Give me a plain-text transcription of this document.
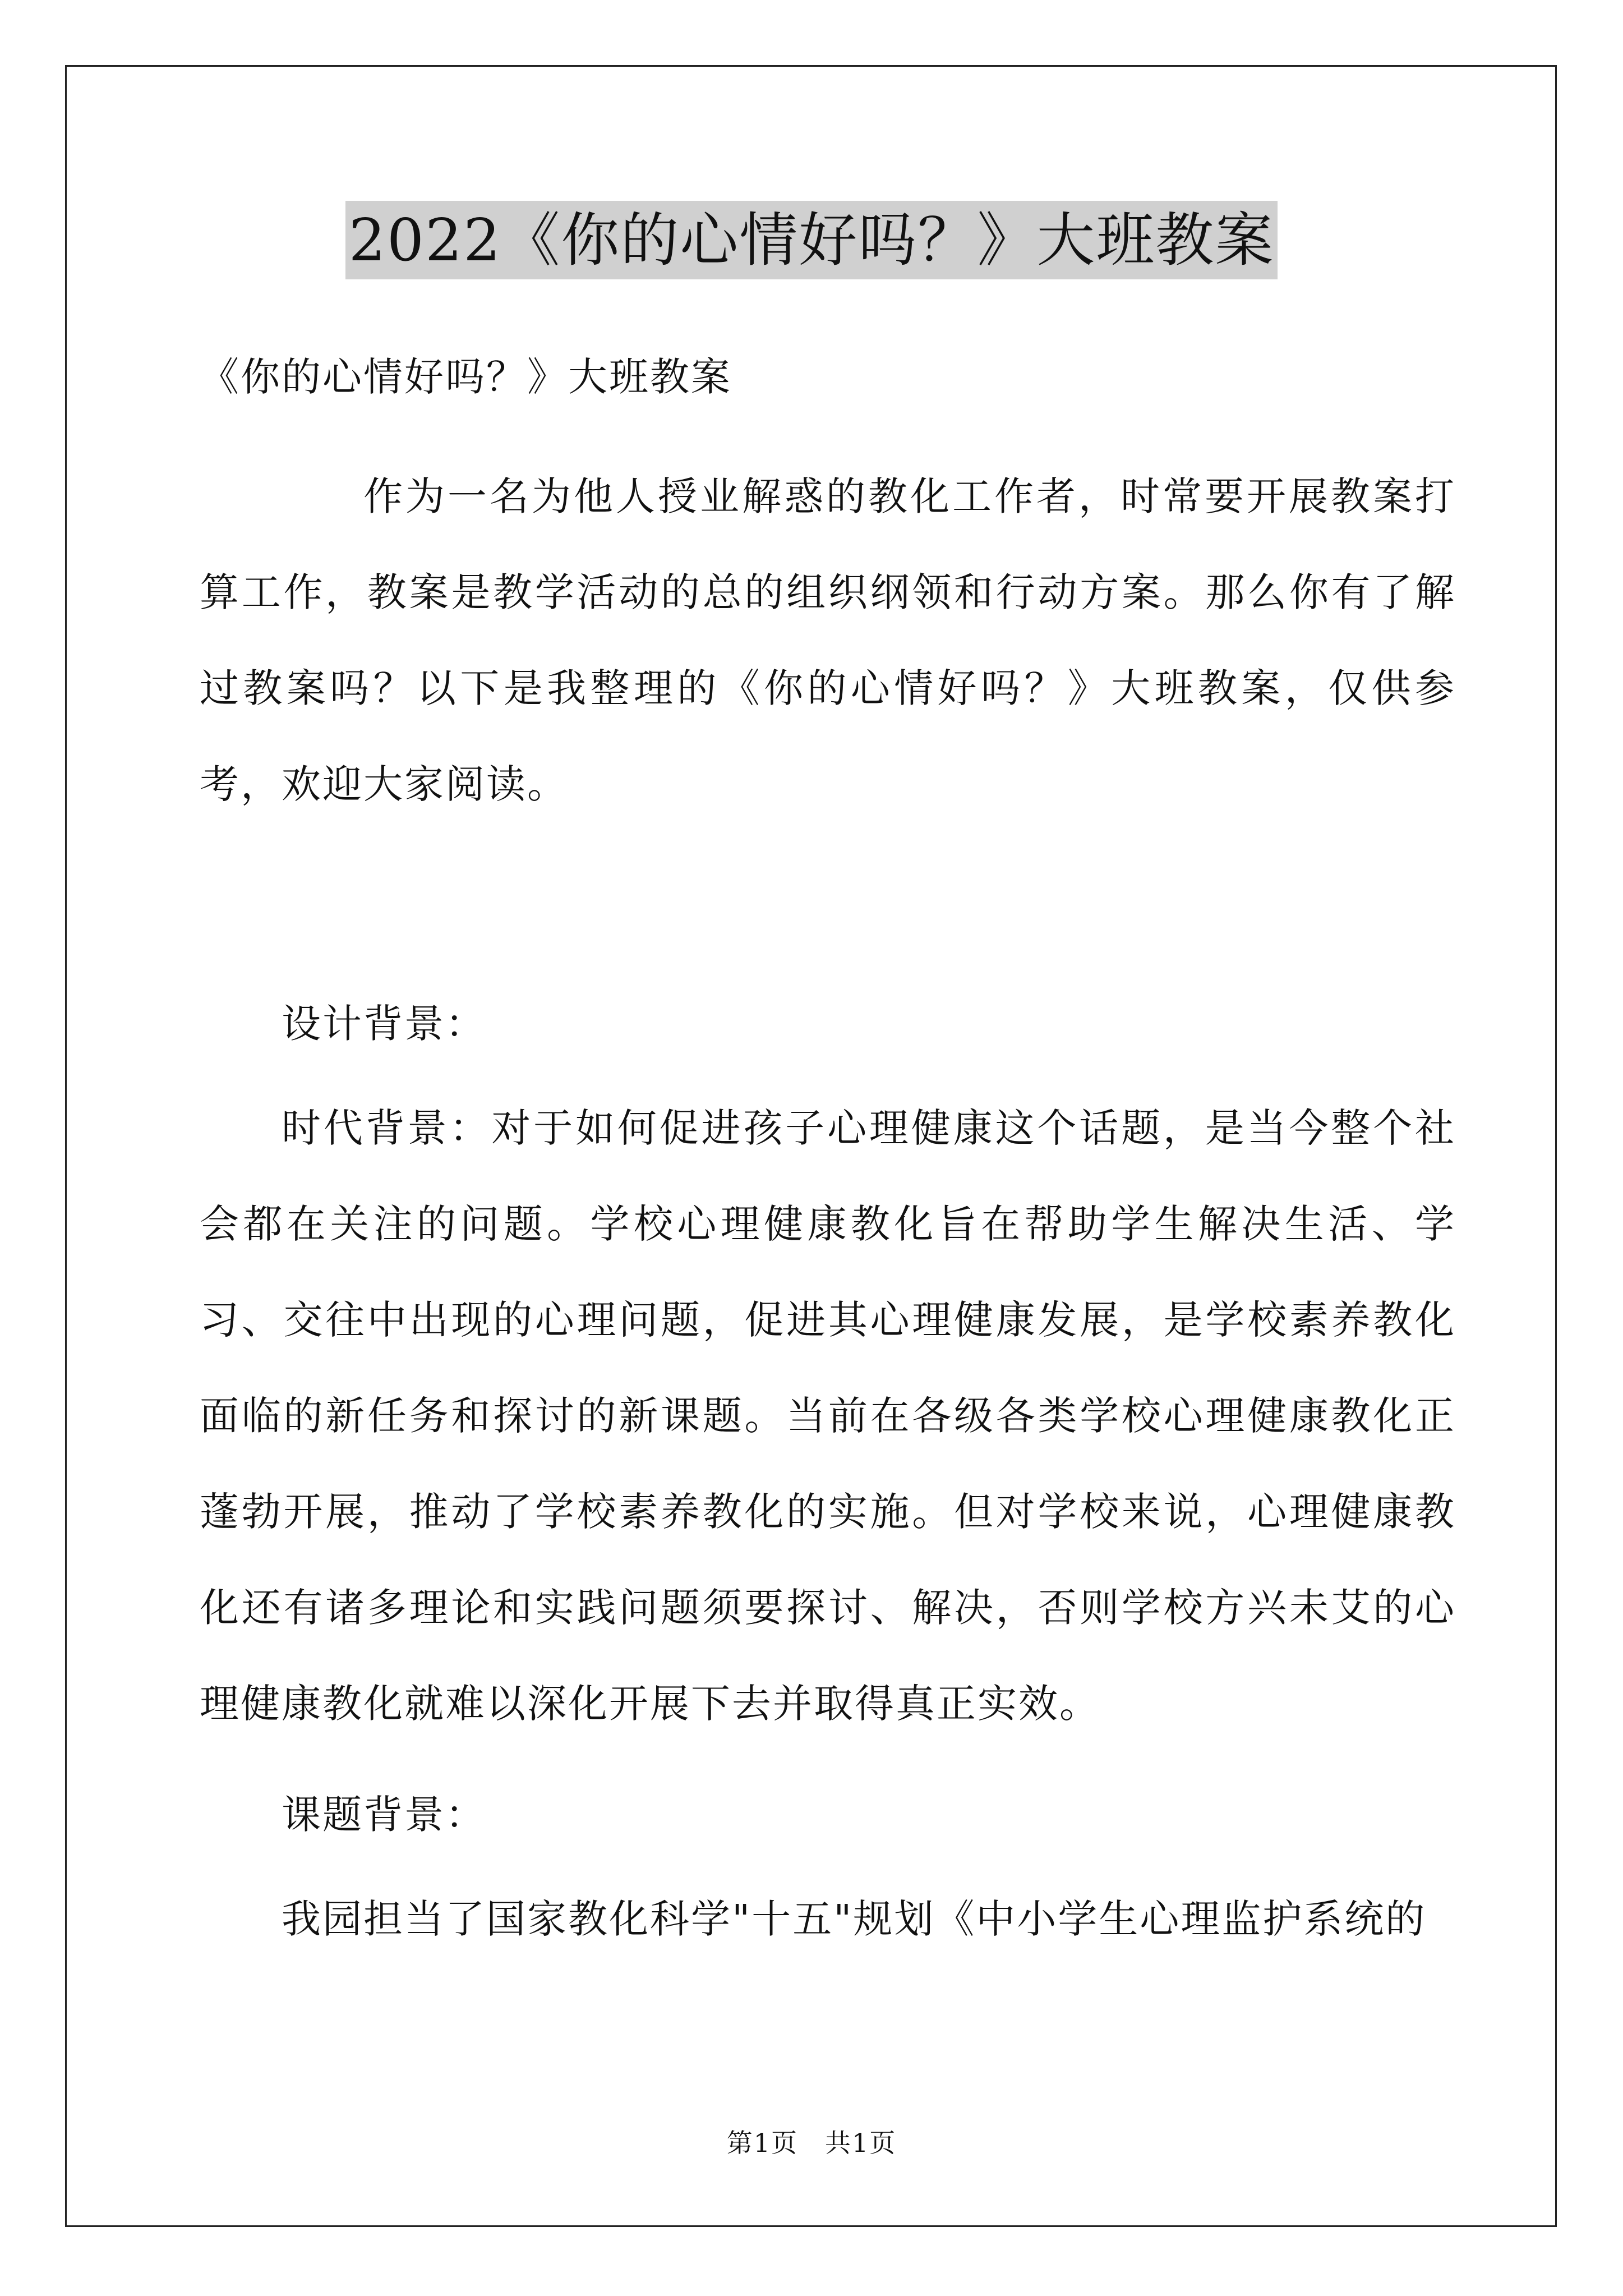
2022《你的心情好吗？》大班教案
《你的心情好吗？》大班教案

作为一名为他人授业解惑的教化工作者，时常要开展教案打算工作，教案是教学活动的总的组织纲领和行动方案。那么你有了解过教案吗？以下是我整理的《你的心情好吗？》大班教案，仅供参考，欢迎大家阅读。

设计背景：

时代背景：对于如何促进孩子心理健康这个话题，是当今整个社会都在关注的问题。学校心理健康教化旨在帮助学生解决生活、学习、交往中出现的心理问题，促进其心理健康发展，是学校素养教化面临的新任务和探讨的新课题。当前在各级各类学校心理健康教化正蓬勃开展，推动了学校素养教化的实施。但对学校来说，心理健康教化还有诸多理论和实践问题须要探讨、解决，否则学校方兴未艾的心理健康教化就难以深化开展下去并取得真正实效。

课题背景：

我园担当了国家教化科学"十五"规划《中小学生心理监护系统的

第1页　共1页
